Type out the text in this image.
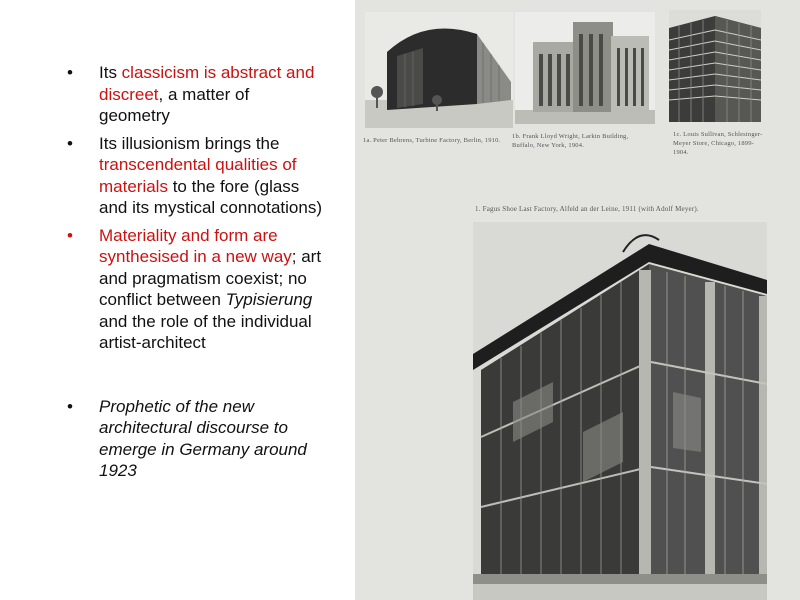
• Its classicism is abstract and discreet, a matter of geometry
• Its illusionism brings the transcendental qualities of materials to the fore (glass and its mystical connotations)
• Materiality and form are synthesised in a new way; art and pragmatism coexist; no conflict between Typisierung and the role of the individual artist-architect
• Prophetic of the new architectural discourse to emerge in Germany around 1923
1a. Peter Behrens, Turbine Factory, Berlin, 1910.
1b. Frank Lloyd Wright, Larkin Building, Buffalo, New York, 1904.
1c. Louis Sullivan, Schlesinger-Meyer Store, Chicago, 1899-1904.
1. Fagus Shoe Last Factory, Alfeld an der Leine, 1911 (with Adolf Meyer).
